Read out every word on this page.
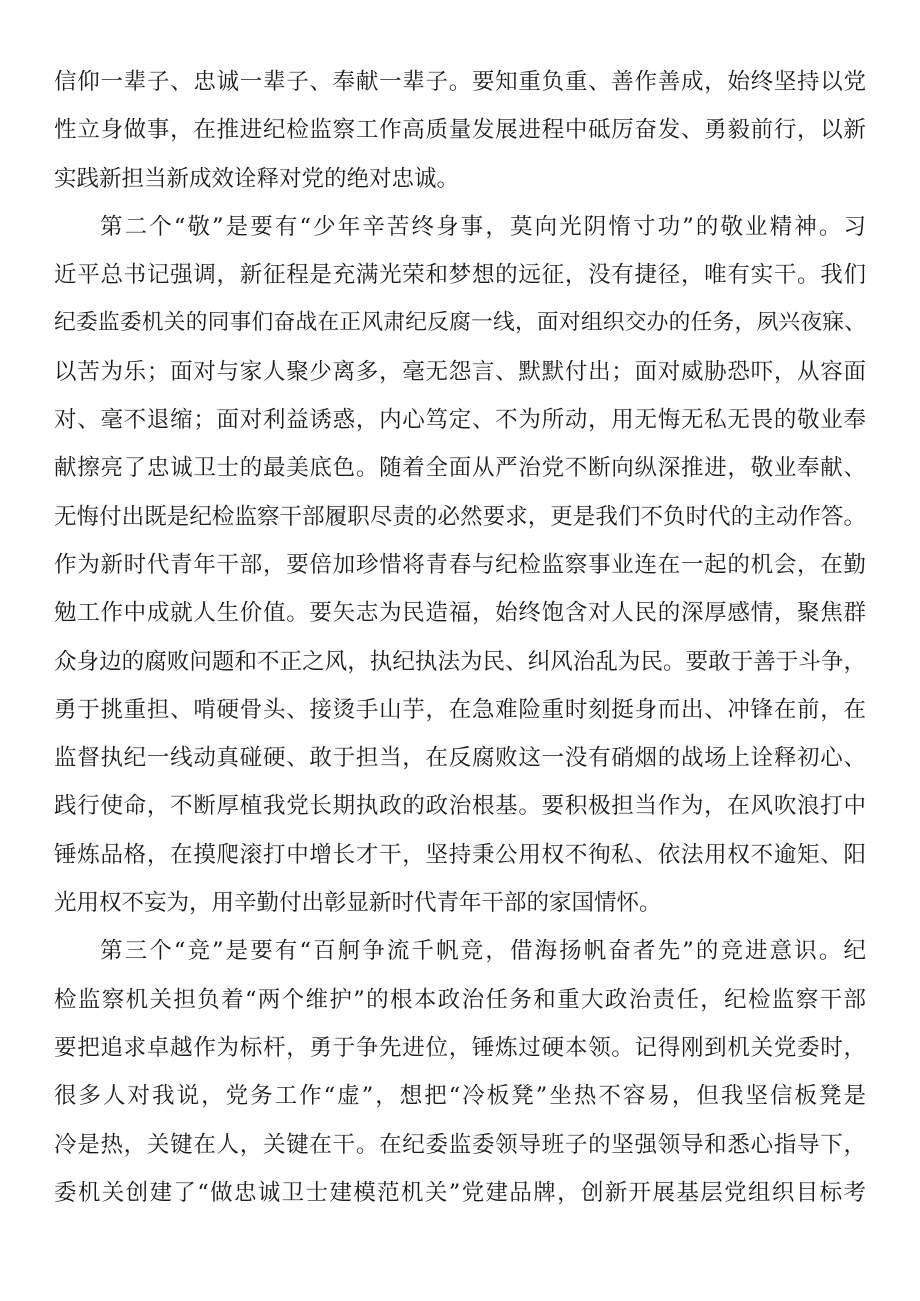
信仰一辈子、忠诚一辈子、奉献一辈子。要知重负重、善作善成，始终坚持以党
性立身做事，在推进纪检监察工作高质量发展进程中砥厉奋发、勇毅前行，以新
实践新担当新成效诠释对党的绝对忠诚。
第二个“敬”是要有“少年辛苦终身事，莫向光阴惰寸功”的敬业精神。习
近平总书记强调，新征程是充满光荣和梦想的远征，没有捷径，唯有实干。我们
纪委监委机关的同事们奋战在正风肃纪反腐一线，面对组织交办的任务，夙兴夜寐、
以苦为乐；面对与家人聚少离多，毫无怨言、默默付出；面对威胁恐吓，从容面
对、毫不退缩；面对利益诱惑，内心笃定、不为所动，用无悔无私无畏的敬业奉
献擦亮了忠诚卫士的最美底色。随着全面从严治党不断向纵深推进，敬业奉献、
无悔付出既是纪检监察干部履职尽责的必然要求，更是我们不负时代的主动作答。
作为新时代青年干部，要倍加珍惜将青春与纪检监察事业连在一起的机会，在勤
勉工作中成就人生价值。要矢志为民造福，始终饱含对人民的深厚感情，聚焦群
众身边的腐败问题和不正之风，执纪执法为民、纠风治乱为民。要敢于善于斗争，
勇于挑重担、啃硬骨头、接烫手山芋，在急难险重时刻挺身而出、冲锋在前，在
监督执纪一线动真碰硬、敢于担当，在反腐败这一没有硝烟的战场上诠释初心、
践行使命，不断厚植我党长期执政的政治根基。要积极担当作为，在风吹浪打中
锤炼品格，在摸爬滚打中增长才干，坚持秉公用权不徇私、依法用权不逾矩、阳
光用权不妄为，用辛勤付出彰显新时代青年干部的家国情怀。
第三个“竞”是要有“百舸争流千帆竞，借海扬帆奋者先”的竞进意识。纪
检监察机关担负着“两个维护”的根本政治任务和重大政治责任，纪检监察干部
要把追求卓越作为标杆，勇于争先进位，锤炼过硬本领。记得刚到机关党委时，
很多人对我说，党务工作“虚”，想把“冷板凳”坐热不容易，但我坚信板凳是
冷是热，关键在人，关键在干。在纪委监委领导班子的坚强领导和悉心指导下，
委机关创建了“做忠诚卫士建模范机关”党建品牌，创新开展基层党组织目标考
